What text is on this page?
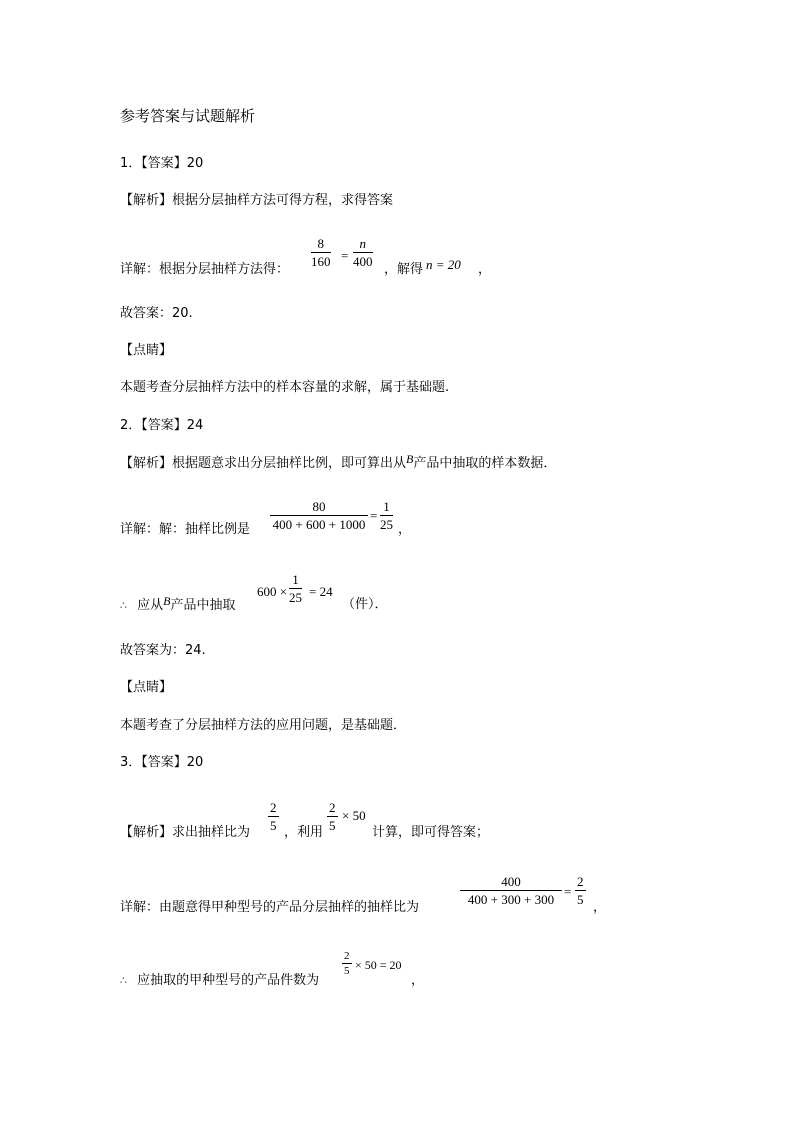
参考答案与试题解析
1．【答案】20
【解析】根据分层抽样方法可得方程，求得答案
详解：根据分层抽样方法得：
$\frac{8}{160} = \frac{n}{400}$
，解得 n = 20 ，
故答案：20.
【点睛】
本题考查分层抽样方法中的样本容量的求解，属于基础题.
2．【答案】24
【解析】根据题意求出分层抽样比例，即可算出从B产品中抽取的样本数据．
详解：解：抽样比例是 $\frac{80}{400 + 600 + 1000} = \frac{1}{25}$ ，
∴ 应从B产品中抽取
$600 \times \frac{1}{25} = 24$
（件）．
故答案为：24.
【点睛】
本题考查了分层抽样方法的应用问题，是基础题．
3．【答案】20
【解析】求出抽样比为 $\frac{2}{5}$ ，利用 $\frac{2}{5} \times 50$
计算，即可得答案；
详解：由题意得甲种型号的产品分层抽样的抽样比为
$\frac{400}{400 + 300 + 300} = \frac{2}{5}$
，
∴ 应抽取的甲种型号的产品件数为
$\frac{2}{5} \times 50 = 20$
，
